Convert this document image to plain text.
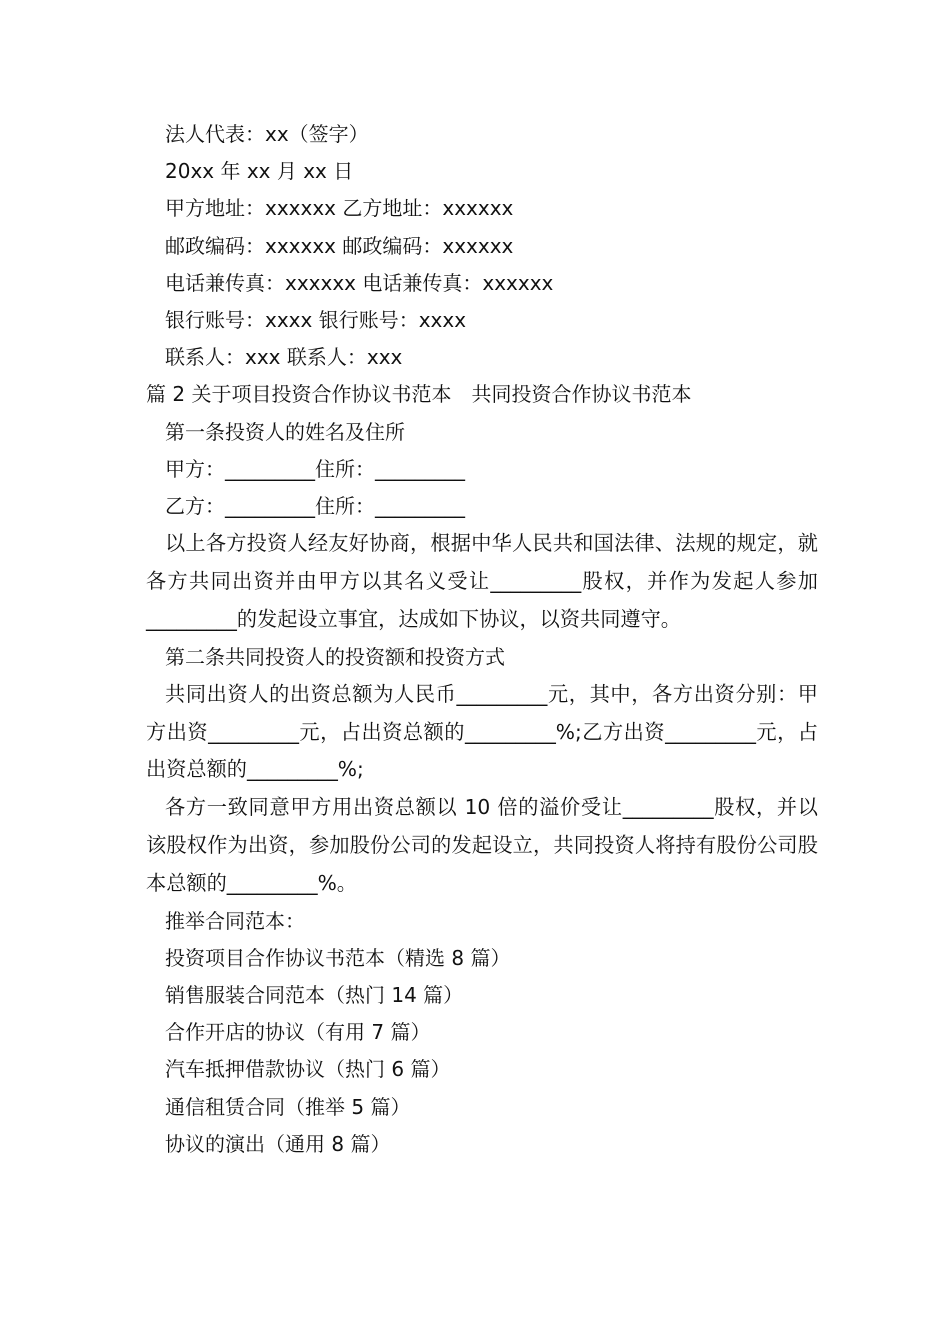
法人代表：xx（签字）

20xx 年 xx 月 xx 日

甲方地址：xxxxxx 乙方地址：xxxxxx

邮政编码：xxxxxx 邮政编码：xxxxxx

电话兼传真：xxxxxx 电话兼传真：xxxxxx

银行账号：xxxx 银行账号：xxxx

联系人：xxx 联系人：xxx

篇 2 关于项目投资合作协议书范本　共同投资合作协议书范本

第一条投资人的姓名及住所

甲方：_________住所：_________

乙方：_________住所：_________

以上各方投资人经友好协商，根据中华人民共和国法律、法规的规定，就各方共同出资并由甲方以其名义受让_________股权，并作为发起人参加_________的发起设立事宜，达成如下协议，以资共同遵守。

第二条共同投资人的投资额和投资方式

共同出资人的出资总额为人民币_________元，其中，各方出资分别：甲方出资_________元，占出资总额的_________%;乙方出资_________元，占出资总额的_________%;

各方一致同意甲方用出资总额以 10 倍的溢价受让_________股权，并以该股权作为出资，参加股份公司的发起设立，共同投资人将持有股份公司股本总额的_________%。

推举合同范本：

投资项目合作协议书范本（精选 8 篇）

销售服装合同范本（热门 14 篇）

合作开店的协议（有用 7 篇）

汽车抵押借款协议（热门 6 篇）

通信租赁合同（推举 5 篇）

协议的演出（通用 8 篇）
